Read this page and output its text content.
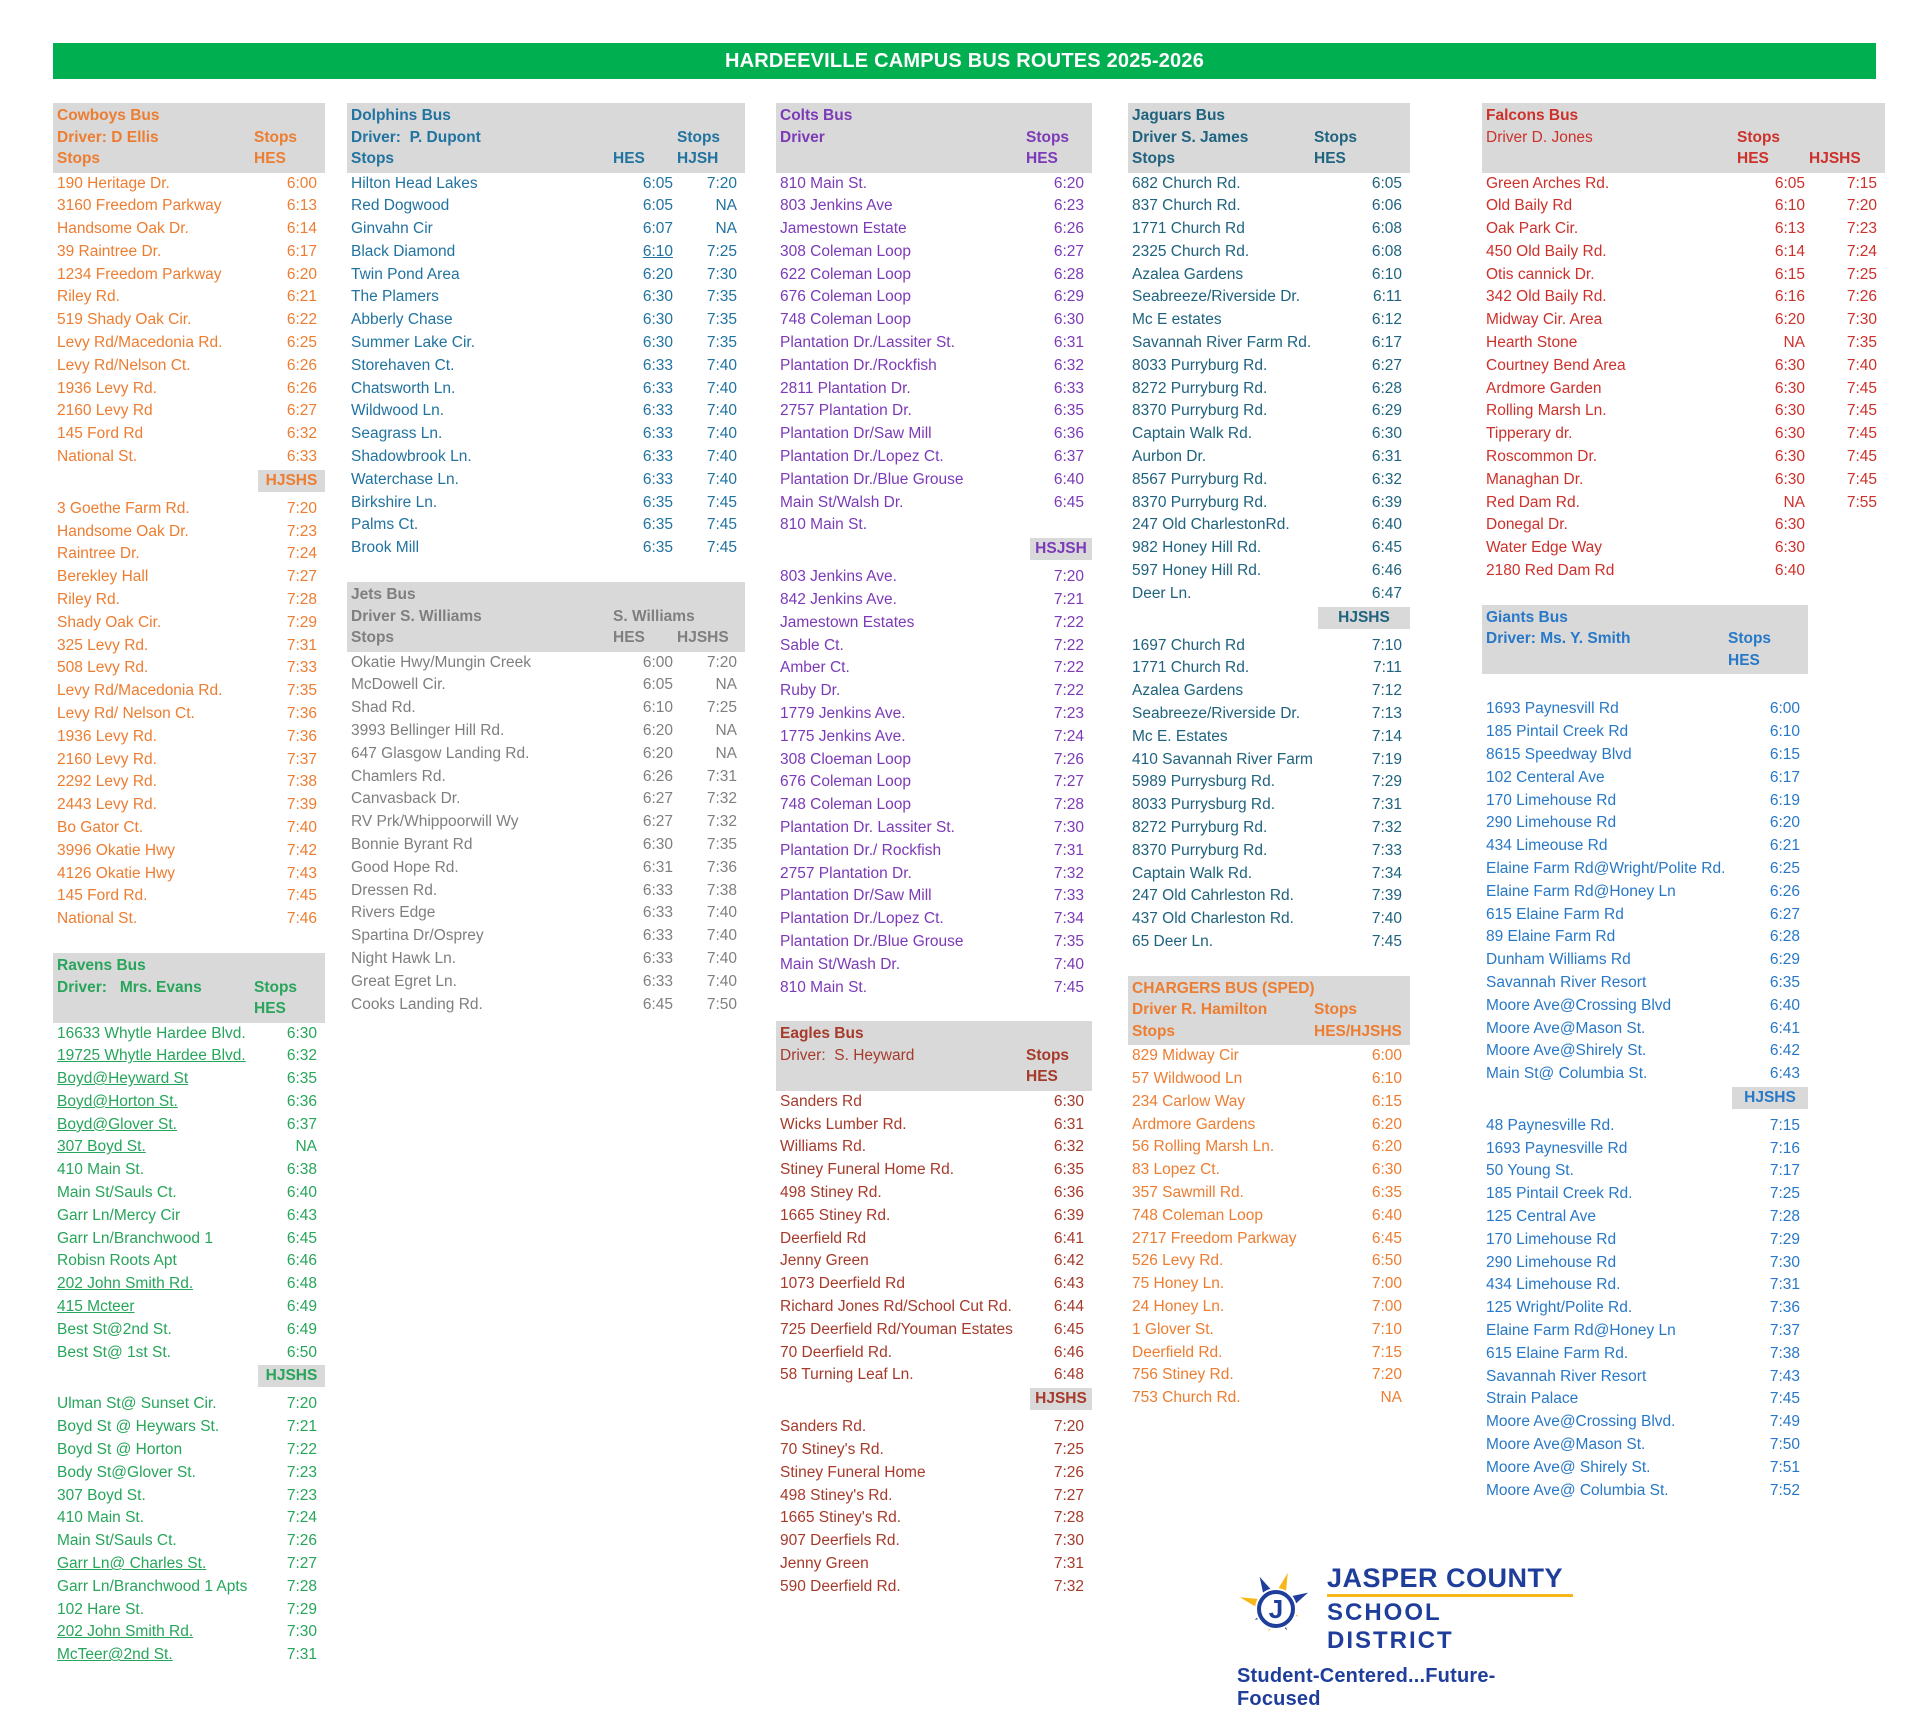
HARDEEVILLE CAMPUS BUS ROUTES 2025-2026
Cowboys Bus
Driver: D Ellis	Stops
Stops	HES
190 Heritage Dr.	6:00
3160 Freedom Parkway	6:13
Handsome Oak Dr.	6:14
39 Raintree Dr.	6:17
1234 Freedom Parkway	6:20
Riley Rd.	6:21
519 Shady Oak Cir.	6:22
Levy Rd/Macedonia Rd.	6:25
Levy Rd/Nelson Ct.	6:26
1936 Levy Rd.	6:26
2160 Levy Rd	6:27
145 Ford Rd	6:32
National St.	6:33
HJSHS
3 Goethe Farm Rd.	7:20
Handsome Oak Dr.	7:23
Raintree Dr.	7:24
Berekley Hall	7:27
Riley Rd.	7:28
Shady Oak Cir.	7:29
325 Levy Rd.	7:31
508 Levy Rd.	7:33
Levy Rd/Macedonia Rd.	7:35
Levy Rd/ Nelson Ct.	7:36
1936 Levy Rd.	7:36
2160 Levy Rd.	7:37
2292 Levy Rd.	7:38
2443 Levy Rd.	7:39
Bo Gator Ct.	7:40
3996 Okatie Hwy	7:42
4126 Okatie Hwy	7:43
145 Ford Rd.	7:45
National St.	7:46
Ravens Bus
Driver:   Mrs. Evans	Stops
HES
16633 Whytle Hardee Blvd.	6:30
19725 Whytle Hardee Blvd.	6:32
Boyd@Heyward St	6:35
Boyd@Horton St.	6:36
Boyd@Glover St.	6:37
307 Boyd St.	NA
410 Main St.	6:38
Main St/Sauls Ct.	6:40
Garr Ln/Mercy Cir	6:43
Garr Ln/Branchwood 1	6:45
Robisn Roots Apt	6:46
202 John Smith Rd.	6:48
415 Mcteer	6:49
Best St@2nd St.	6:49
Best St@ 1st St.	6:50
HJSHS
Ulman St@ Sunset Cir.	7:20
Boyd St @ Heywars St.	7:21
Boyd St @ Horton	7:22
Body St@Glover St.	7:23
307 Boyd St.	7:23
410 Main St.	7:24
Main St/Sauls Ct.	7:26
Garr Ln@ Charles St.	7:27
Garr Ln/Branchwood 1 Apts	7:28
102 Hare St.	7:29
202 John Smith Rd.	7:30
McTeer@2nd St.	7:31
Dolphins Bus
Driver:  P. Dupont	Stops
Stops	HES	HJSH
Hilton Head Lakes	6:05	7:20
Red Dogwood	6:05	NA
Ginvahn Cir	6:07	NA
Black Diamond	6:10	7:25
Twin Pond Area	6:20	7:30
The Plamers	6:30	7:35
Abberly Chase	6:30	7:35
Summer Lake Cir.	6:30	7:35
Storehaven Ct.	6:33	7:40
Chatsworth Ln.	6:33	7:40
Wildwood Ln.	6:33	7:40
Seagrass Ln.	6:33	7:40
Shadowbrook Ln.	6:33	7:40
Waterchase Ln.	6:33	7:40
Birkshire Ln.	6:35	7:45
Palms Ct.	6:35	7:45
Brook Mill	6:35	7:45
Jets Bus
Driver S. Williams	S. Williams
Stops	HES	HJSHS
Okatie Hwy/Mungin Creek	6:00	7:20
McDowell Cir.	6:05	NA
Shad Rd.	6:10	7:25
3993 Bellinger Hill Rd.	6:20	NA
647 Glasgow Landing Rd.	6:20	NA
Chamlers Rd.	6:26	7:31
Canvasback Dr.	6:27	7:32
RV Prk/Whippoorwill Wy	6:27	7:32
Bonnie Byrant Rd	6:30	7:35
Good Hope Rd.	6:31	7:36
Dressen Rd.	6:33	7:38
Rivers Edge	6:33	7:40
Spartina Dr/Osprey	6:33	7:40
Night Hawk Ln.	6:33	7:40
Great Egret Ln.	6:33	7:40
Cooks Landing Rd.	6:45	7:50
Colts Bus
Driver	Stops
HES
810 Main St.	6:20
803 Jenkins Ave	6:23
Jamestown Estate	6:26
308 Coleman Loop	6:27
622 Coleman Loop	6:28
676 Coleman Loop	6:29
748 Coleman Loop	6:30
Plantation Dr./Lassiter St.	6:31
Plantation Dr./Rockfish	6:32
2811 Plantation Dr.	6:33
2757 Plantation Dr.	6:35
Plantation Dr/Saw Mill	6:36
Plantation Dr./Lopez Ct.	6:37
Plantation Dr./Blue Grouse	6:40
Main St/Walsh Dr.	6:45
810 Main St.
HSJSH
803 Jenkins Ave.	7:20
842 Jenkins Ave.	7:21
Jamestown Estates	7:22
Sable Ct.	7:22
Amber Ct.	7:22
Ruby Dr.	7:22
1779 Jenkins Ave.	7:23
1775 Jenkins Ave.	7:24
308 Cloeman Loop	7:26
676 Coleman Loop	7:27
748 Coleman Loop	7:28
Plantation Dr. Lassiter St.	7:30
Plantation Dr./ Rockfish	7:31
2757 Plantation Dr.	7:32
Plantation Dr/Saw Mill	7:33
Plantation Dr./Lopez Ct.	7:34
Plantation Dr./Blue Grouse	7:35
Main St/Wash Dr.	7:40
810 Main St.	7:45
Eagles Bus
Driver:  S. Heyward	Stops
HES
Sanders Rd	6:30
Wicks Lumber Rd.	6:31
Williams Rd.	6:32
Stiney Funeral Home Rd.	6:35
498 Stiney Rd.	6:36
1665 Stiney Rd.	6:39
Deerfield Rd	6:41
Jenny Green	6:42
1073 Deerfield Rd	6:43
Richard Jones Rd/School Cut Rd.	6:44
725 Deerfield Rd/Youman Estates	6:45
70 Deerfield Rd.	6:46
58 Turning Leaf Ln.	6:48
HJSHS
Sanders Rd.	7:20
70 Stiney's Rd.	7:25
Stiney Funeral Home	7:26
498 Stiney's Rd.	7:27
1665 Stiney's Rd.	7:28
907 Deerfiels Rd.	7:30
Jenny Green	7:31
590 Deerfield Rd.	7:32
Jaguars Bus
Driver S. James	Stops
Stops	HES
682 Church Rd.	6:05
837 Church Rd.	6:06
1771 Church Rd	6:08
2325 Church Rd.	6:08
Azalea Gardens	6:10
Seabreeze/Riverside Dr.	6:11
Mc E estates	6:12
Savannah River Farm Rd.	6:17
8033 Purryburg Rd.	6:27
8272 Purryburg Rd.	6:28
8370 Purryburg Rd.	6:29
Captain Walk Rd.	6:30
Aurbon Dr.	6:31
8567 Purryburg Rd.	6:32
8370 Purryburg Rd.	6:39
247 Old CharlestonRd.	6:40
982 Honey Hill Rd.	6:45
597 Honey Hill Rd.	6:46
Deer Ln.	6:47
HJSHS
1697 Church Rd	7:10
1771 Church Rd.	7:11
Azalea Gardens	7:12
Seabreeze/Riverside Dr.	7:13
Mc E. Estates	7:14
410 Savannah River Farm	7:19
5989 Purrysburg Rd.	7:29
8033 Purrysburg Rd.	7:31
8272 Purryburg Rd.	7:32
8370 Purryburg Rd.	7:33
Captain Walk Rd.	7:34
247 Old Cahrleston Rd.	7:39
437 Old Charleston Rd.	7:40
65 Deer Ln.	7:45
CHARGERS BUS (SPED)
Driver R. Hamilton	Stops
Stops	HES/HJSHS
829 Midway Cir	6:00
57 Wildwood Ln	6:10
234 Carlow Way	6:15
Ardmore Gardens	6:20
56 Rolling Marsh Ln.	6:20
83 Lopez Ct.	6:30
357 Sawmill Rd.	6:35
748 Coleman Loop	6:40
2717 Freedom Parkway	6:45
526 Levy Rd.	6:50
75 Honey Ln.	7:00
24 Honey Ln.	7:00
1 Glover St.	7:10
Deerfield Rd.	7:15
756 Stiney Rd.	7:20
753 Church Rd.	NA
Falcons Bus
Driver D. Jones	Stops
HES	HJSHS
Green Arches Rd.	6:05	7:15
Old Baily Rd	6:10	7:20
Oak Park Cir.	6:13	7:23
450 Old Baily Rd.	6:14	7:24
Otis cannick Dr.	6:15	7:25
342 Old Baily Rd.	6:16	7:26
Midway Cir. Area	6:20	7:30
Hearth Stone	NA	7:35
Courtney Bend Area	6:30	7:40
Ardmore Garden	6:30	7:45
Rolling Marsh Ln.	6:30	7:45
Tipperary dr.	6:30	7:45
Roscommon Dr.	6:30	7:45
Managhan Dr.	6:30	7:45
Red Dam Rd.	NA	7:55
Donegal Dr.	6:30
Water Edge Way	6:30
2180 Red Dam Rd	6:40
Giants Bus
Driver: Ms. Y. Smith	Stops
HES
1693 Paynesvill Rd	6:00
185 Pintail Creek Rd	6:10
8615 Speedway Blvd	6:15
102 Centeral Ave	6:17
170 Limehouse Rd	6:19
290 Limehouse Rd	6:20
434 Limeouse Rd	6:21
Elaine Farm Rd@Wright/Polite Rd.	6:25
Elaine Farm Rd@Honey Ln	6:26
615 Elaine Farm Rd	6:27
89 Elaine Farm Rd	6:28
Dunham Williams Rd	6:29
Savannah River Resort	6:35
Moore Ave@Crossing Blvd	6:40
Moore Ave@Mason St.	6:41
Moore Ave@Shirely St.	6:42
Main St@ Columbia St.	6:43
HJSHS
48 Paynesville Rd.	7:15
1693 Paynesville Rd	7:16
50 Young St.	7:17
185 Pintail Creek Rd.	7:25
125 Central Ave	7:28
170 Limehouse Rd	7:29
290 Limehouse Rd	7:30
434 Limehouse Rd.	7:31
125 Wright/Polite Rd.	7:36
Elaine Farm Rd@Honey Ln	7:37
615 Elaine Farm Rd.	7:38
Savannah River Resort	7:43
Strain Palace	7:45
Moore Ave@Crossing Blvd.	7:49
Moore Ave@Mason St.	7:50
Moore Ave@ Shirely St.	7:51
Moore Ave@ Columbia St.	7:52
J
JASPER COUNTY
SCHOOL DISTRICT
Student-Centered...Future-Focused
